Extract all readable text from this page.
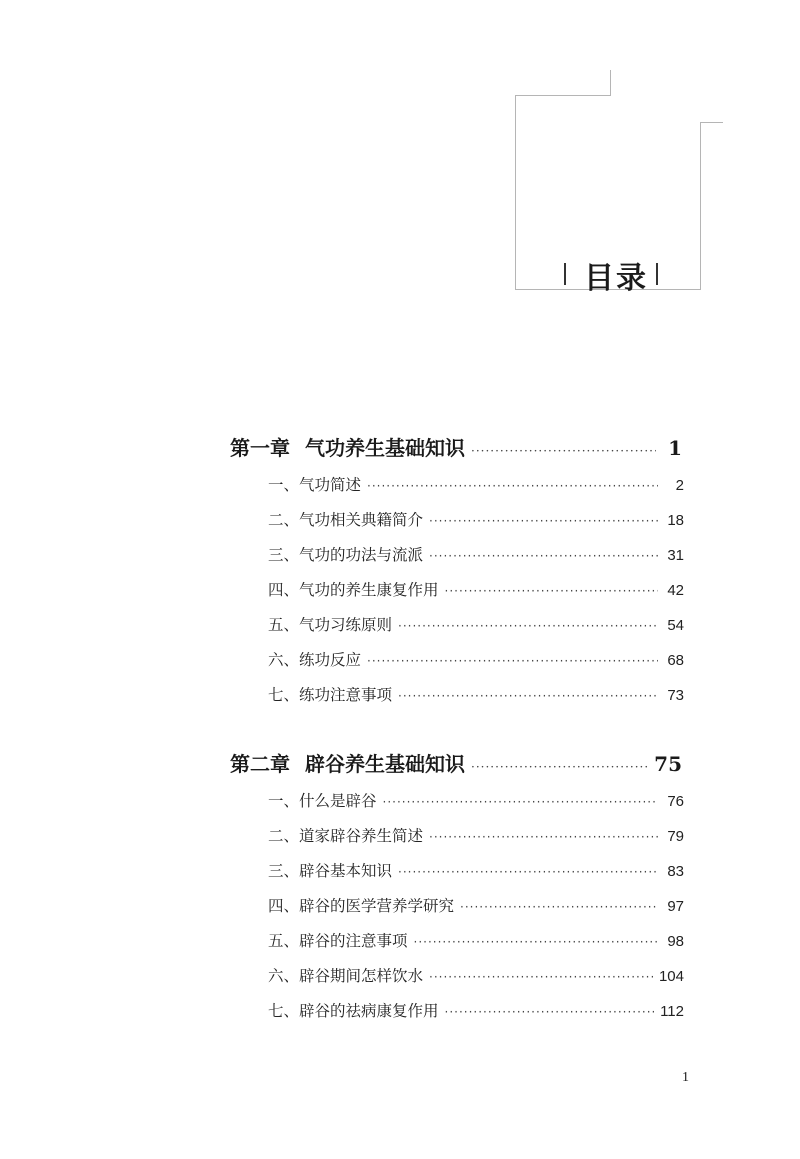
目录
第一章 气功养生基础知识 ·····	1
一、气功简述 ·····	2
二、气功相关典籍简介 ·····	18
三、气功的功法与流派 ·····	31
四、气功的养生康复作用 ·····	42
五、气功习练原则 ·····	54
六、练功反应 ·····	68
七、练功注意事项 ·····	73
第二章 辟谷养生基础知识 ·····	75
一、什么是辟谷 ·····	76
二、道家辟谷养生简述 ·····	79
三、辟谷基本知识 ·····	83
四、辟谷的医学营养学研究 ·····	97
五、辟谷的注意事项 ·····	98
六、辟谷期间怎样饮水 ·····	104
七、辟谷的祛病康复作用 ·····	112
1
